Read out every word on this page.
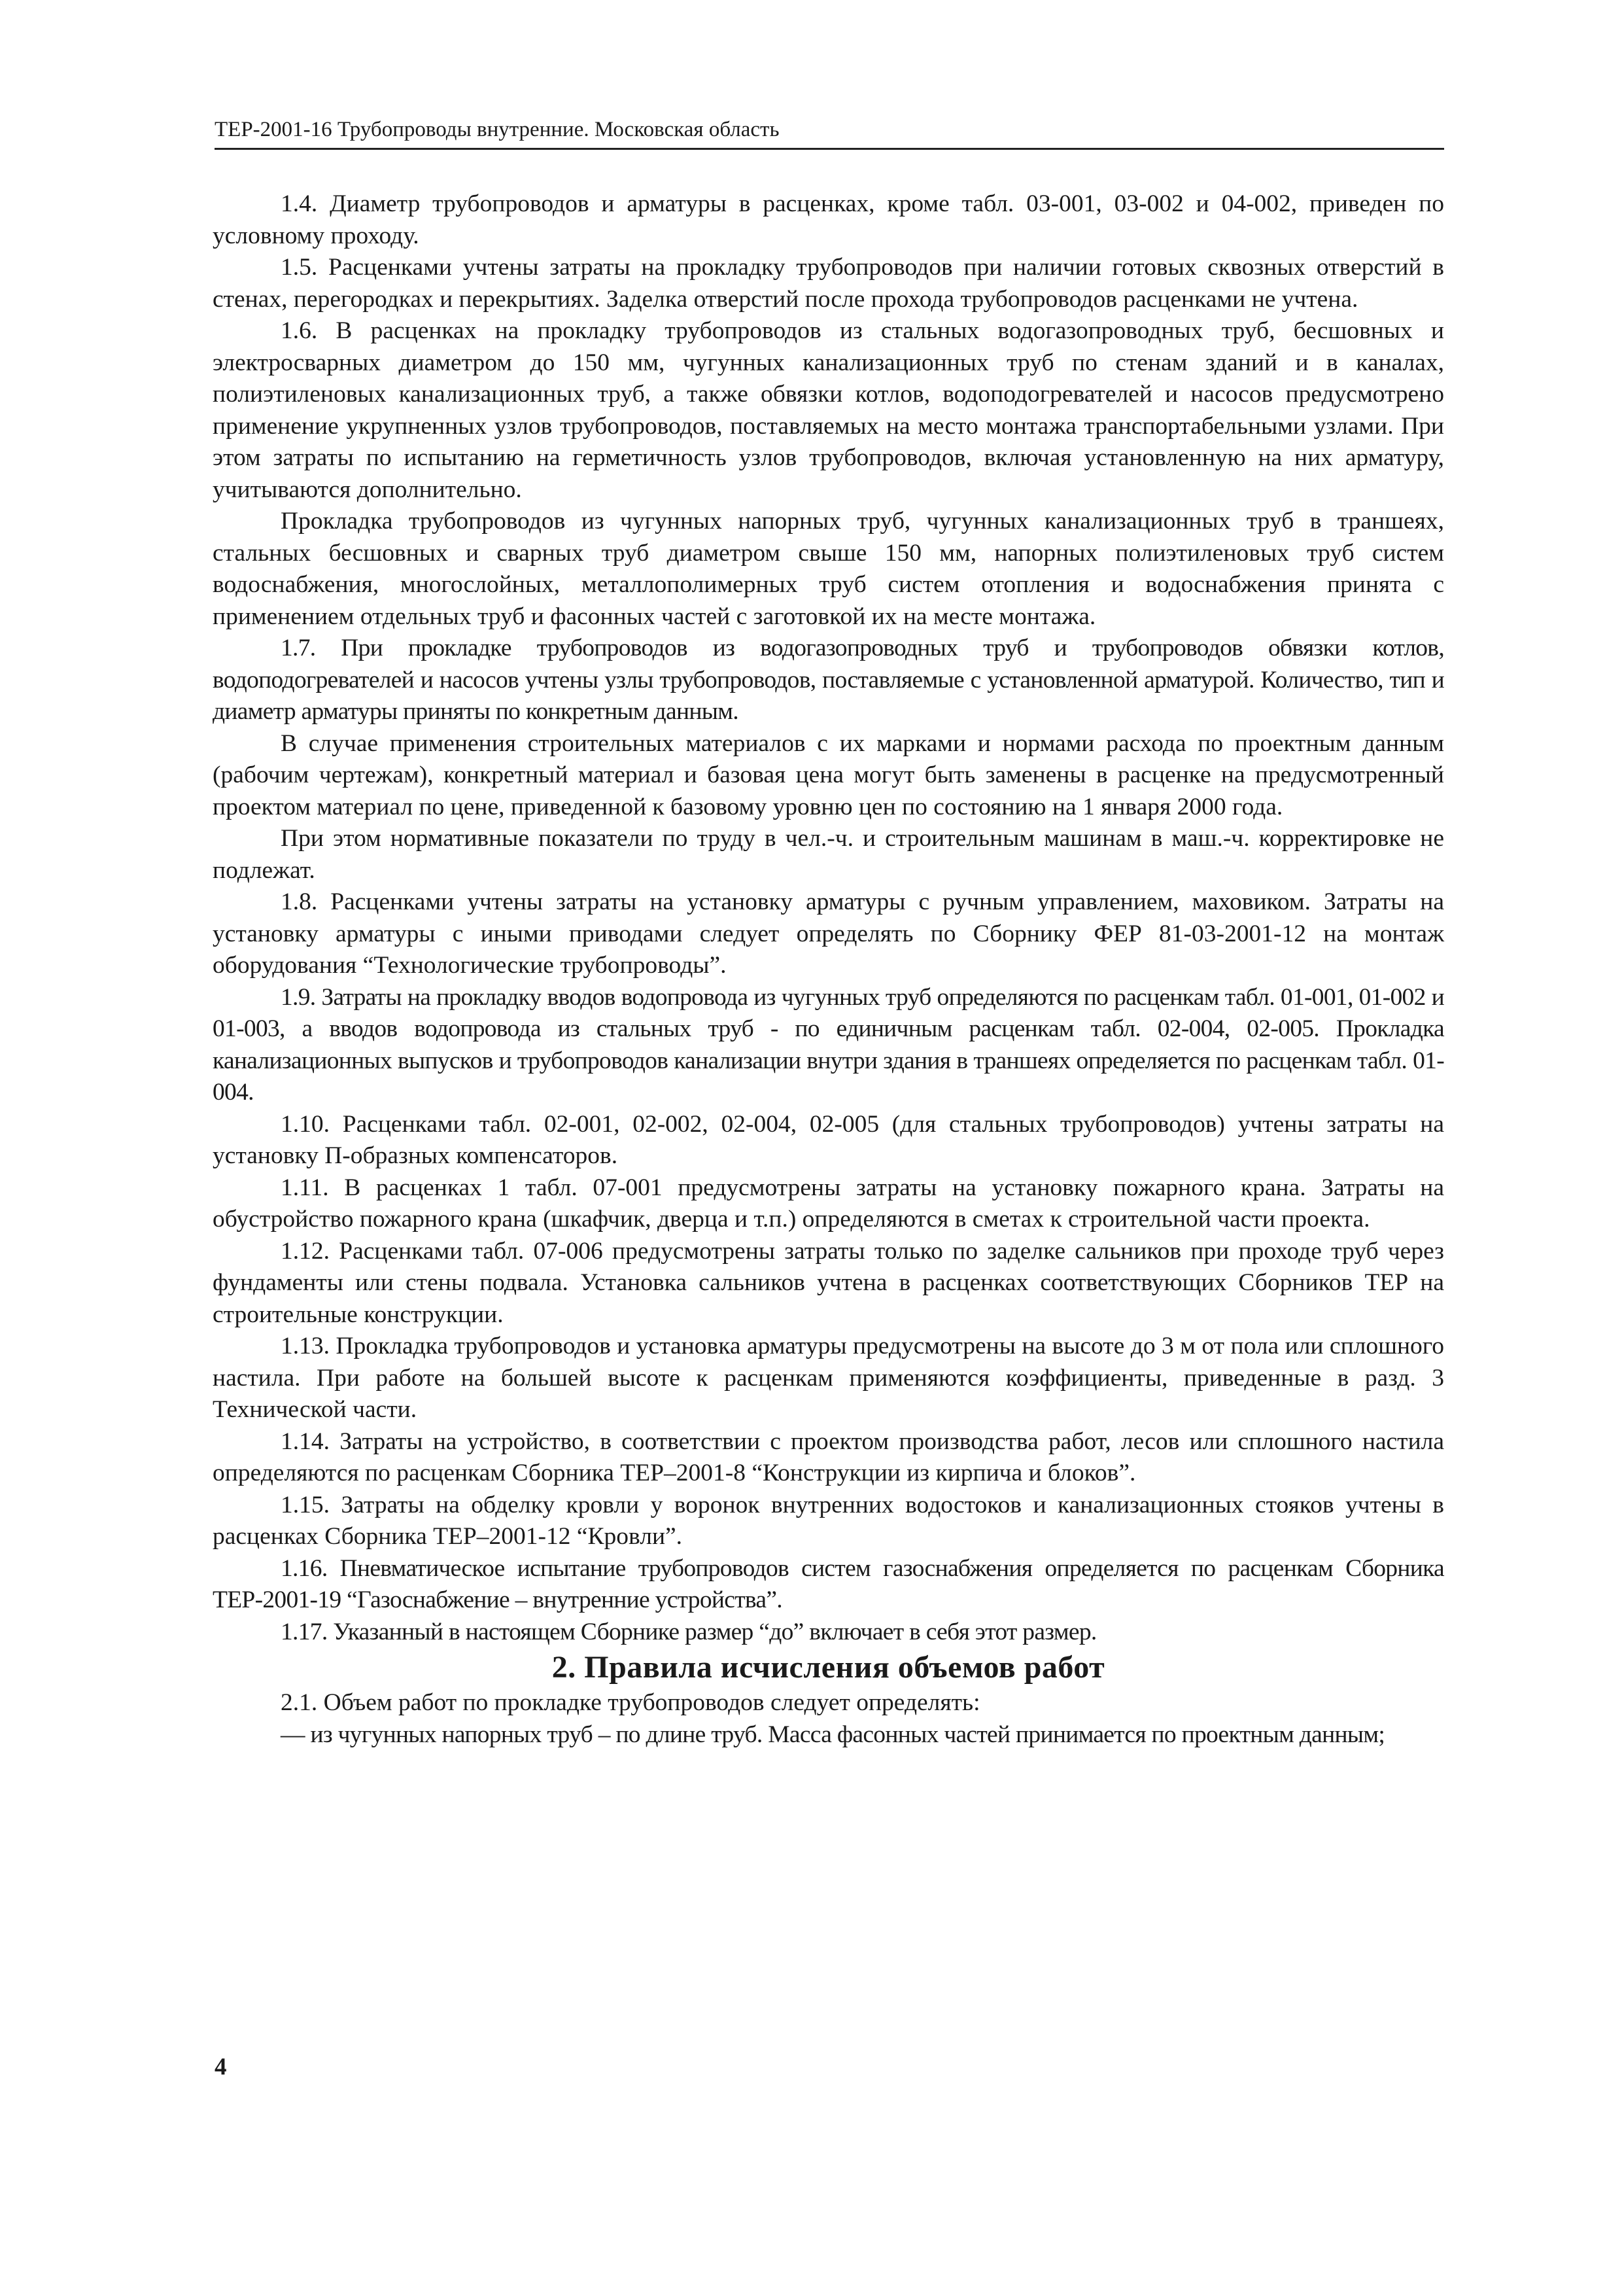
ТЕР-2001-16 Трубопроводы внутренние. Московская область

1.4. Диаметр трубопроводов и арматуры в расценках, кроме табл. 03-001, 03-002 и 04-002, приведен по условному проходу.

1.5. Расценками учтены затраты на прокладку трубопроводов при наличии готовых сквозных отверстий в стенах, перегородках и перекрытиях. Заделка отверстий после прохода трубопроводов расценками не учтена.

1.6. В расценках на прокладку трубопроводов из стальных водогазопроводных труб, бесшовных и электросварных диаметром до 150 мм, чугунных канализационных труб по стенам зданий и в каналах, полиэтиленовых канализационных труб, а также обвязки котлов, водоподогревателей и насосов предусмотрено применение укрупненных узлов трубопроводов, поставляемых на место монтажа транспортабельными узлами. При этом затраты по испытанию на герметичность узлов трубопроводов, включая установленную на них арматуру, учитываются дополнительно.

Прокладка трубопроводов из чугунных напорных труб, чугунных канализационных труб в траншеях, стальных бесшовных и сварных труб диаметром свыше 150 мм, напорных полиэтиленовых труб систем водоснабжения, многослойных, металлополимерных труб систем отопления и водоснабжения принята с применением отдельных труб и фасонных частей с заготовкой их на месте монтажа.

1.7. При прокладке трубопроводов из водогазопроводных труб и трубопроводов обвязки котлов, водоподогревателей и насосов учтены узлы трубопроводов, поставляемые с установленной арматурой. Количество, тип и диаметр арматуры приняты по конкретным данным.

В случае применения строительных материалов с их марками и нормами расхода по проектным данным (рабочим чертежам), конкретный материал и базовая цена могут быть заменены в расценке на предусмотренный проектом материал по цене, приведенной к базовому уровню цен по состоянию на 1 января 2000 года.

При этом нормативные показатели по труду в чел.-ч. и строительным машинам в маш.-ч. корректировке не подлежат.

1.8. Расценками учтены затраты на установку арматуры с ручным управлением, маховиком. Затраты на установку арматуры с иными приводами следует определять по Сборнику ФЕР 81-03-2001-12 на монтаж оборудования “Технологические трубопроводы”.

1.9. Затраты на прокладку вводов водопровода из чугунных труб определяются по расценкам табл. 01-001, 01-002 и 01-003, а вводов водопровода из стальных труб - по единичным расценкам табл. 02-004, 02-005. Прокладка канализационных выпусков и трубопроводов канализации внутри здания в траншеях определяется по расценкам табл. 01-004.

1.10. Расценками табл. 02-001, 02-002, 02-004, 02-005 (для стальных трубопроводов) учтены затраты на установку П-образных компенсаторов.

1.11. В расценках 1 табл. 07-001 предусмотрены затраты на установку пожарного крана. Затраты на обустройство пожарного крана (шкафчик, дверца и т.п.) определяются в сметах к строительной части проекта.

1.12. Расценками табл. 07-006 предусмотрены затраты только по заделке сальников при проходе труб через фундаменты или стены подвала. Установка сальников учтена в расценках соответствующих Сборников ТЕР на строительные конструкции.

1.13. Прокладка трубопроводов и установка арматуры предусмотрены на высоте до 3 м от пола или сплошного настила. При работе на большей высоте к расценкам применяются коэффициенты, приведенные в разд. 3 Технической части.

1.14. Затраты на устройство, в соответствии с проектом производства работ, лесов или сплошного настила определяются по расценкам Сборника ТЕР–2001-8 “Конструкции из кирпича и блоков”.

1.15. Затраты на обделку кровли у воронок внутренних водостоков и канализационных стояков учтены в расценках Сборника ТЕР–2001-12 “Кровли”.

1.16. Пневматическое испытание трубопроводов систем газоснабжения определяется по расценкам Сборника ТЕР-2001-19 “Газоснабжение – внутренние устройства”.

1.17. Указанный в настоящем Сборнике размер “до” включает в себя этот размер.

2. Правила исчисления объемов работ

2.1. Объем работ по прокладке трубопроводов следует определять:

— из чугунных напорных труб – по длине труб. Масса фасонных частей принимается по проектным данным;

4
